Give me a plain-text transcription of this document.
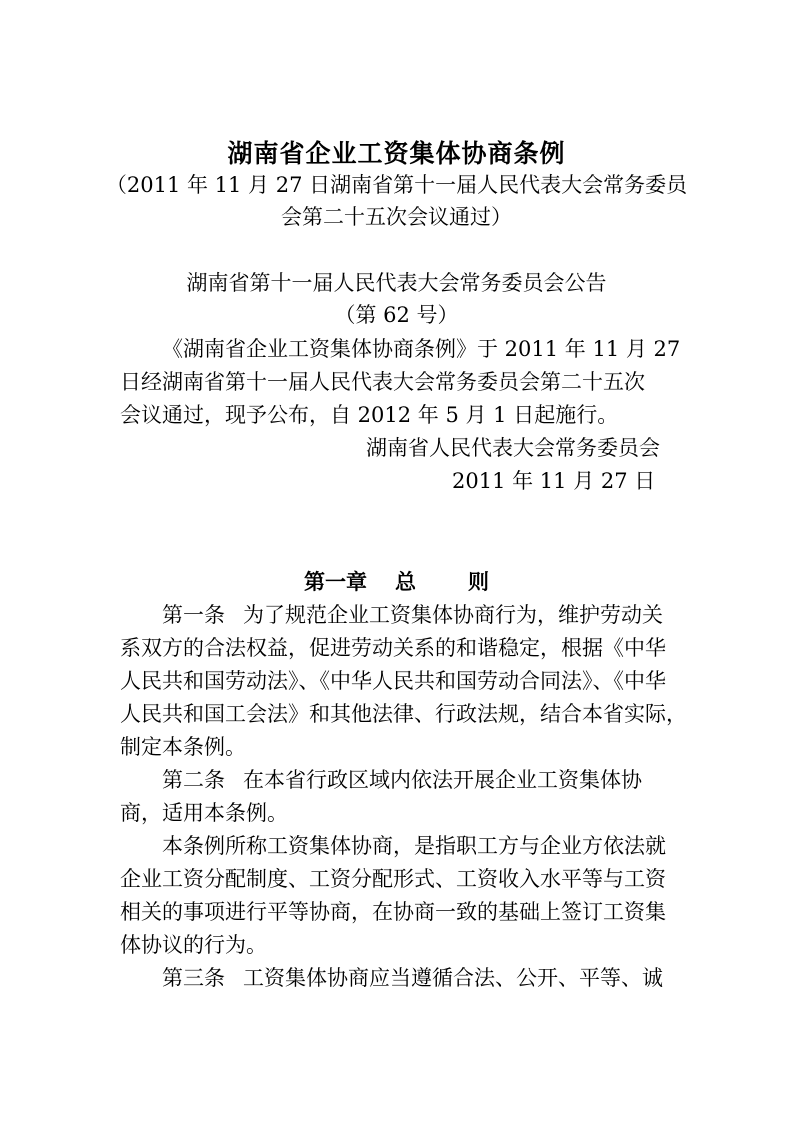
湖南省企业工资集体协商条例
（2011 年 11 月 27 日湖南省第十一届人民代表大会常务委员
会第二十五次会议通过）
湖南省第十一届人民代表大会常务委员会公告
（第 62 号）
《湖南省企业工资集体协商条例》于 2011 年 11 月 27
日经湖南省第十一届人民代表大会常务委员会第二十五次
会议通过，现予公布，自 2012 年 5 月 1 日起施行。
湖南省人民代表大会常务委员会
2011 年 11 月 27 日
第一章 总 则
第一条 为了规范企业工资集体协商行为，维护劳动关
系双方的合法权益，促进劳动关系的和谐稳定，根据《中华
人民共和国劳动法》、《中华人民共和国劳动合同法》、《中华
人民共和国工会法》和其他法律、行政法规，结合本省实际，
制定本条例。
第二条 在本省行政区域内依法开展企业工资集体协
商，适用本条例。
本条例所称工资集体协商，是指职工方与企业方依法就
企业工资分配制度、工资分配形式、工资收入水平等与工资
相关的事项进行平等协商，在协商一致的基础上签订工资集
体协议的行为。
第三条 工资集体协商应当遵循合法、公开、平等、诚
